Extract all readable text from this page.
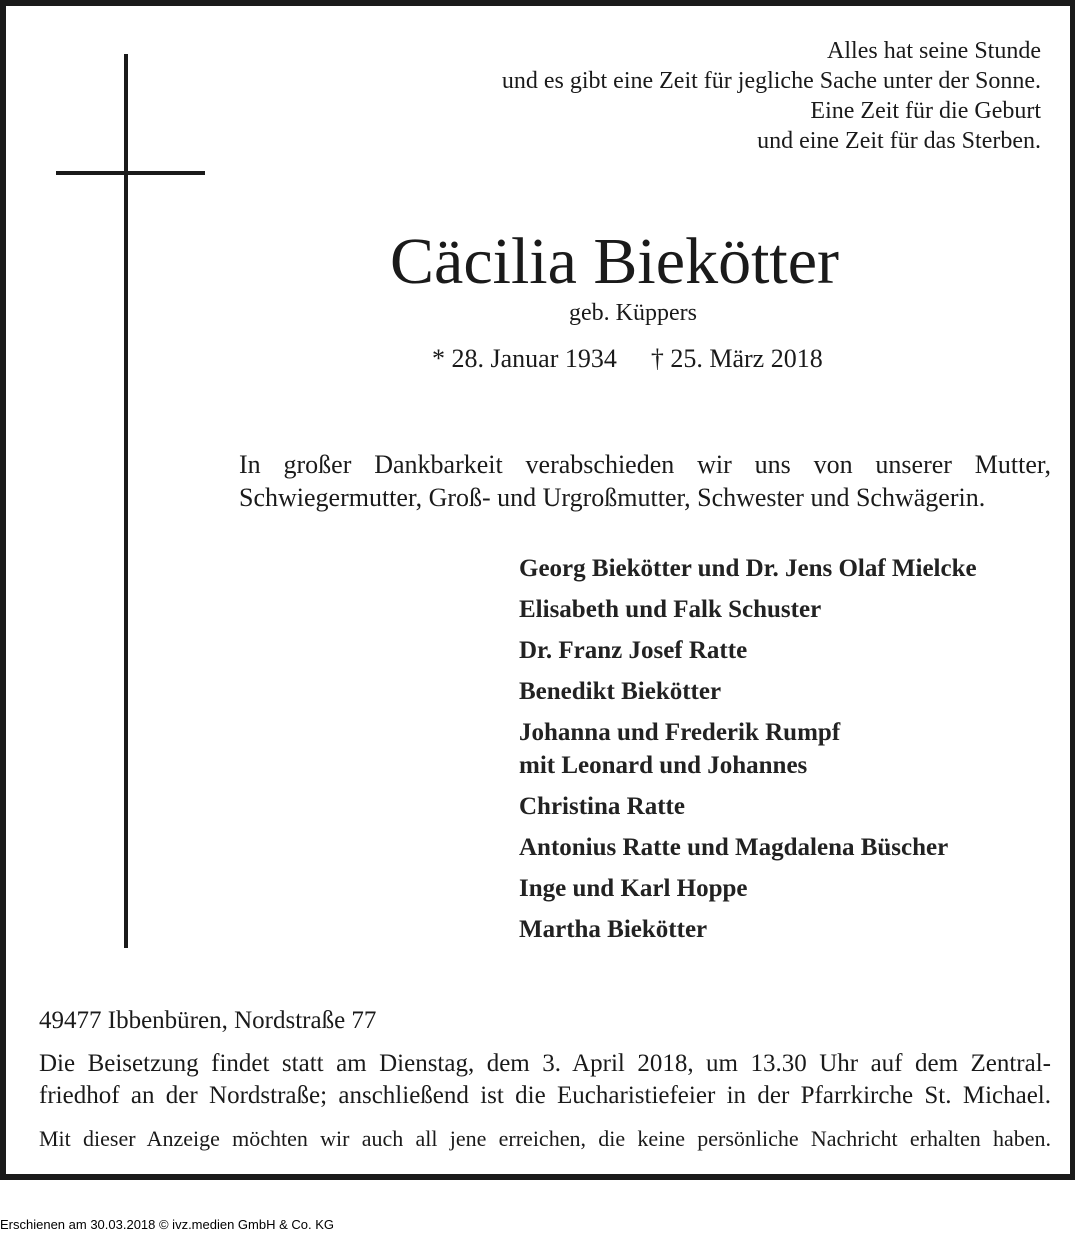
Alles hat seine Stunde
und es gibt eine Zeit für jegliche Sache unter der Sonne.
Eine Zeit für die Geburt
und eine Zeit für das Sterben.
Cäcilia Biekötter
geb. Küppers
* 28. Januar 1934 † 25. März 2018
In großer Dankbarkeit verabschieden wir uns von unserer Mutter,
Schwiegermutter, Groß- und Urgroßmutter, Schwester und Schwägerin.
Georg Biekötter und Dr. Jens Olaf Mielcke
Elisabeth und Falk Schuster
Dr. Franz Josef Ratte
Benedikt Biekötter
Johanna und Frederik Rumpf
mit Leonard und Johannes
Christina Ratte
Antonius Ratte und Magdalena Büscher
Inge und Karl Hoppe
Martha Biekötter
49477 Ibbenbüren, Nordstraße 77
Die Beisetzung findet statt am Dienstag, dem 3. April 2018, um 13.30 Uhr auf dem Zentral-
friedhof an der Nordstraße; anschließend ist die Eucharistiefeier in der Pfarrkirche St. Michael.
Mit dieser Anzeige möchten wir auch all jene erreichen, die keine persönliche Nachricht erhalten haben.
Erschienen am 30.03.2018 © ivz.medien GmbH & Co. KG
